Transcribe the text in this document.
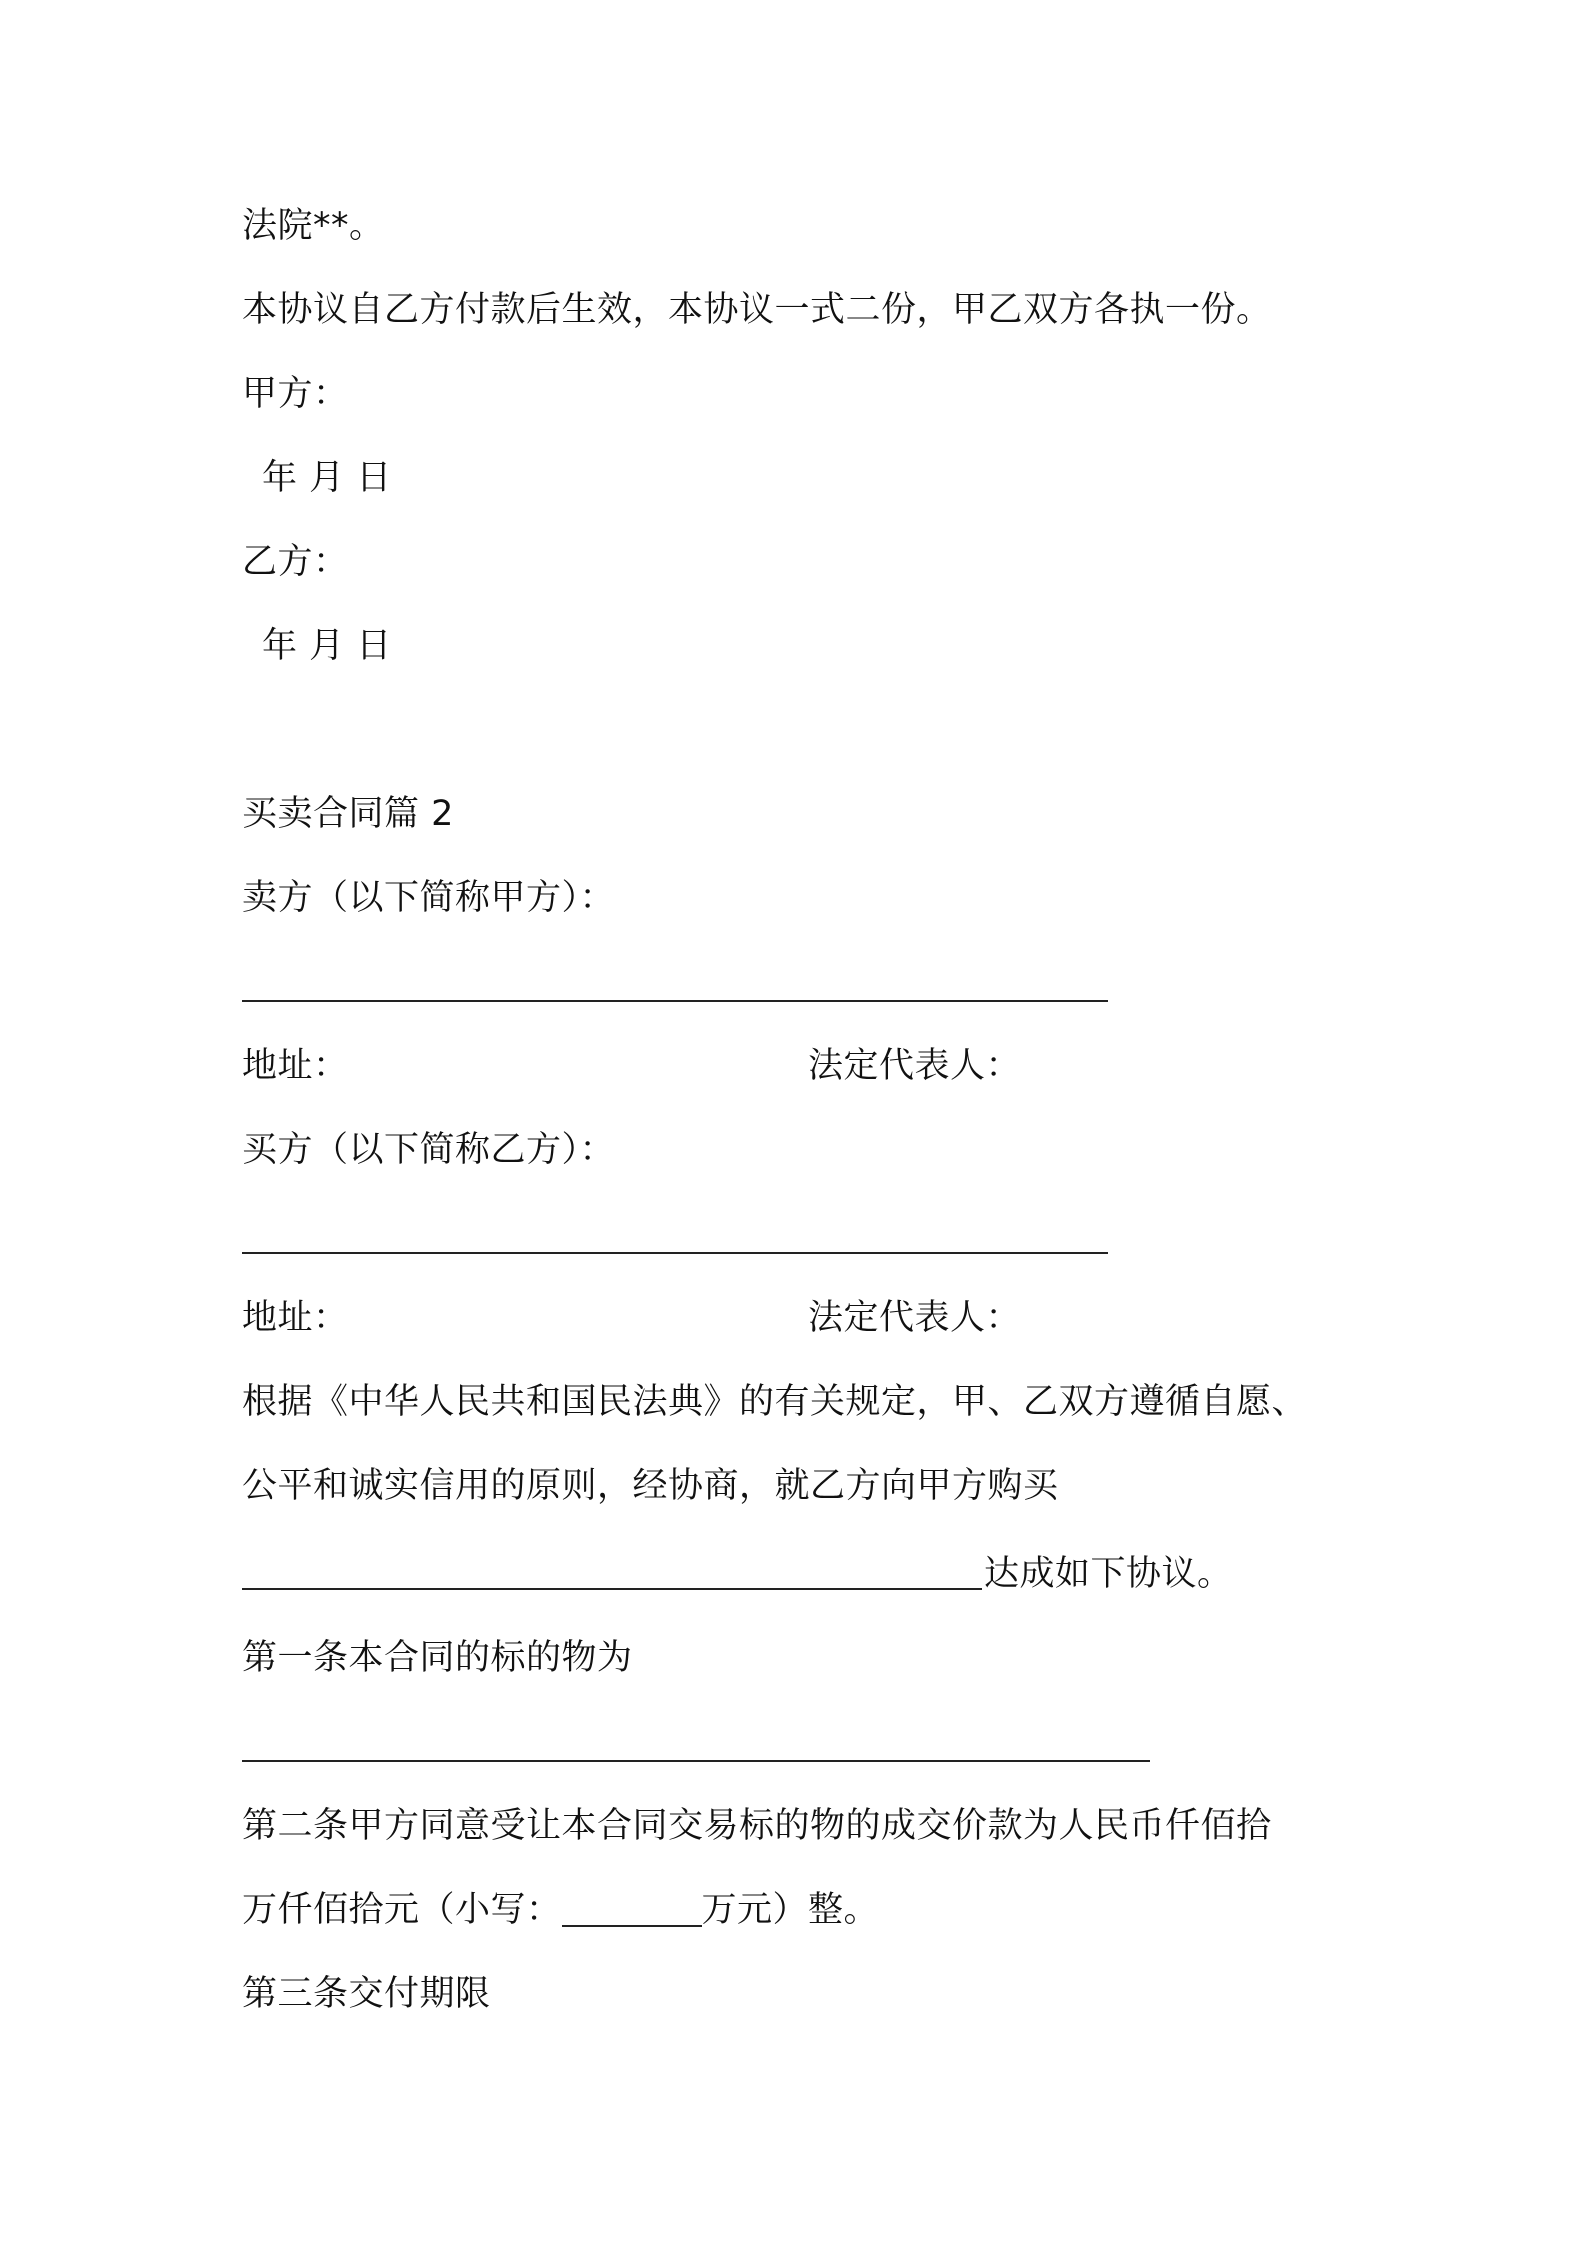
法院**。
本协议自乙方付款后生效，本协议一式二份，甲乙双方各执一份。
甲方：
年 月 日
乙方：
年 月 日
买卖合同篇 2
卖方（以下简称甲方）：
地址：	法定代表人：
买方（以下简称乙方）：
地址：	法定代表人：
根据《中华人民共和国民法典》的有关规定，甲、乙双方遵循自愿、
公平和诚实信用的原则，经协商，就乙方向甲方购买
达成如下协议。
第一条本合同的标的物为
第二条甲方同意受让本合同交易标的物的成交价款为人民币仟佰拾
万仟佰拾元（小写：	万元）整。
第三条交付期限
